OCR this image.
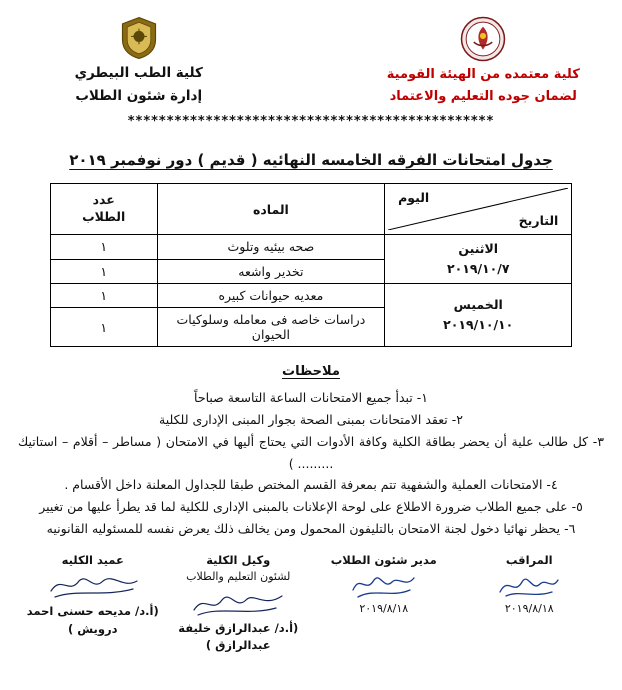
كلية معتمده من الهيئة القومية
لضمان جوده التعليم والاعتماد
كلية الطب البيطري
إدارة شئون الطلاب
***********************************************
جدول امتحانات الفرقه الخامسه النهائيه ( قديم ) دور نوفمبر ٢٠١٩
اليوم
التاريخ
	الماده	
عدد
الطلاب

الاثنين
٢٠١٩/١٠/٧	صحه بيئيه وتلوث	١
	تخدير واشعه	١

الخميس
٢٠١٩/١٠/١٠	معديه حيوانات كبيره	١
	دراسات خاصه فى معامله وسلوكيات الحيوان	١
ملاحظات
١- تبدأ جميع الامتحانات الساعة التاسعة صباحاً
٢- تعقد الامتحانات بمبنى الصحة بجوار المبنى الإدارى للكلية
٣- كل طالب علية أن يحضر بطاقة الكلية وكافة الأدوات التي يحتاج أليها في الامتحان ( مساطر – أقلام – استاتيك ......... )
٤- الامتحانات العملية والشفهية تتم بمعرفة القسم المختص طبقا للجداول المعلنة داخل الأقسام .
٥- على جميع الطلاب ضرورة الاطلاع على لوحة الإعلانات بالمبنى الإدارى للكلية لما قد يطرأ عليها من تغيير
٦- يحظر نهائيا دخول لجنة الامتحان بالتليفون المحمول ومن يخالف ذلك يعرض نفسه للمسئوليه القانونيه
المراقب
٢٠١٩/٨/١٨
مدير شئون الطلاب
٢٠١٩/٨/١٨
وكيل الكلية
لشئون التعليم والطلاب
(أ.د/ عبدالرازق خليفة عبدالرازق )
عميد الكليه
(أ.د/ مديحه حسنى احمد درويش )
